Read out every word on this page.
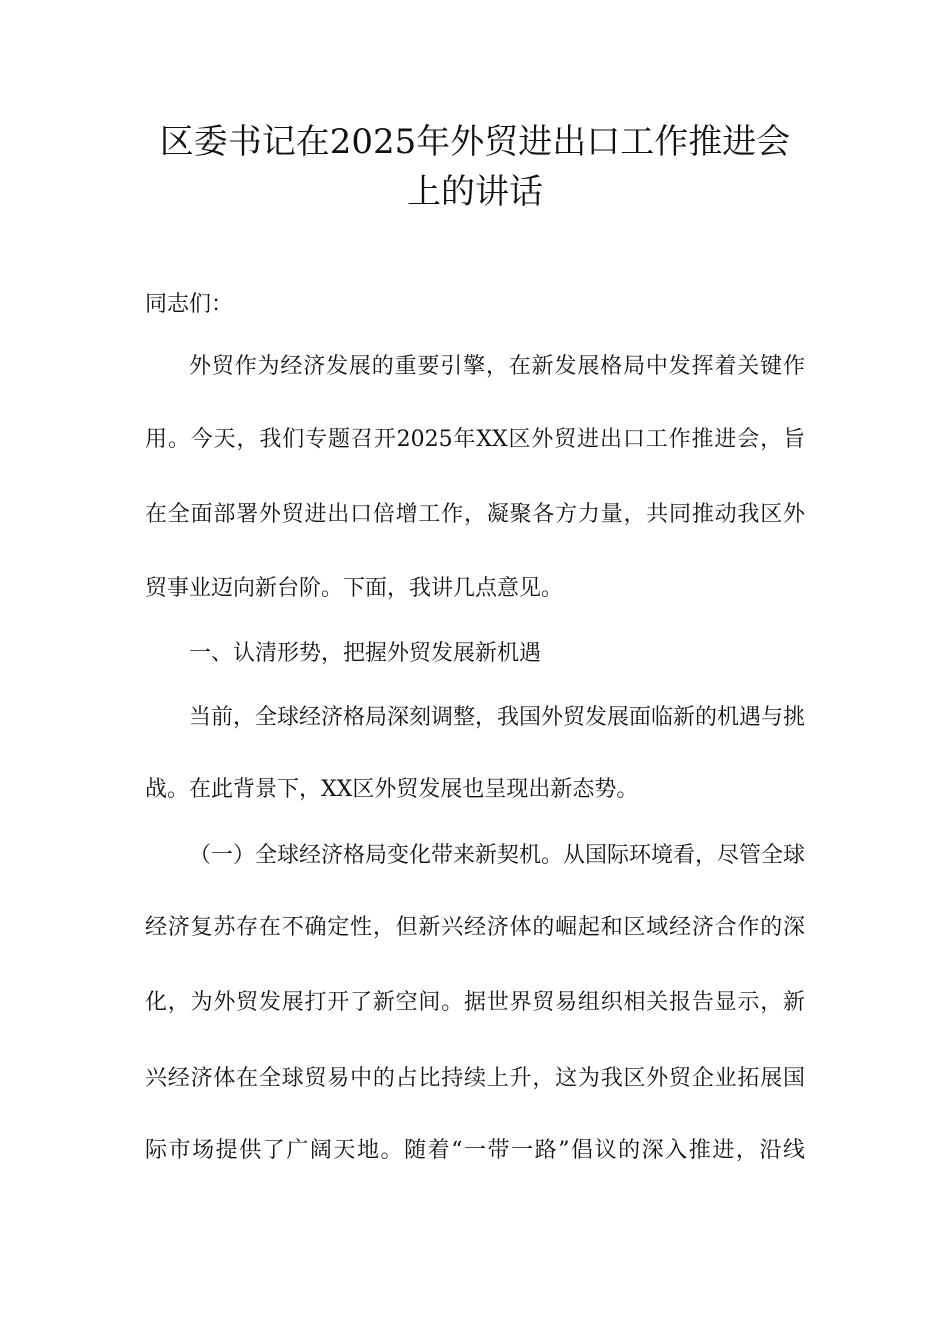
区委书记在2025年外贸进出口工作推进会
上的讲话
同志们：
外贸作为经济发展的重要引擎，在新发展格局中发挥着关键作
用。今天，我们专题召开2025年XX区外贸进出口工作推进会，旨
在全面部署外贸进出口倍增工作，凝聚各方力量，共同推动我区外
贸事业迈向新台阶。下面，我讲几点意见。
一、认清形势，把握外贸发展新机遇
当前，全球经济格局深刻调整，我国外贸发展面临新的机遇与挑
战。在此背景下，XX区外贸发展也呈现出新态势。
（一）全球经济格局变化带来新契机。从国际环境看，尽管全球
经济复苏存在不确定性，但新兴经济体的崛起和区域经济合作的深
化，为外贸发展打开了新空间。据世界贸易组织相关报告显示，新
兴经济体在全球贸易中的占比持续上升，这为我区外贸企业拓展国
际市场提供了广阔天地。随着“一带一路”倡议的深入推进，沿线
